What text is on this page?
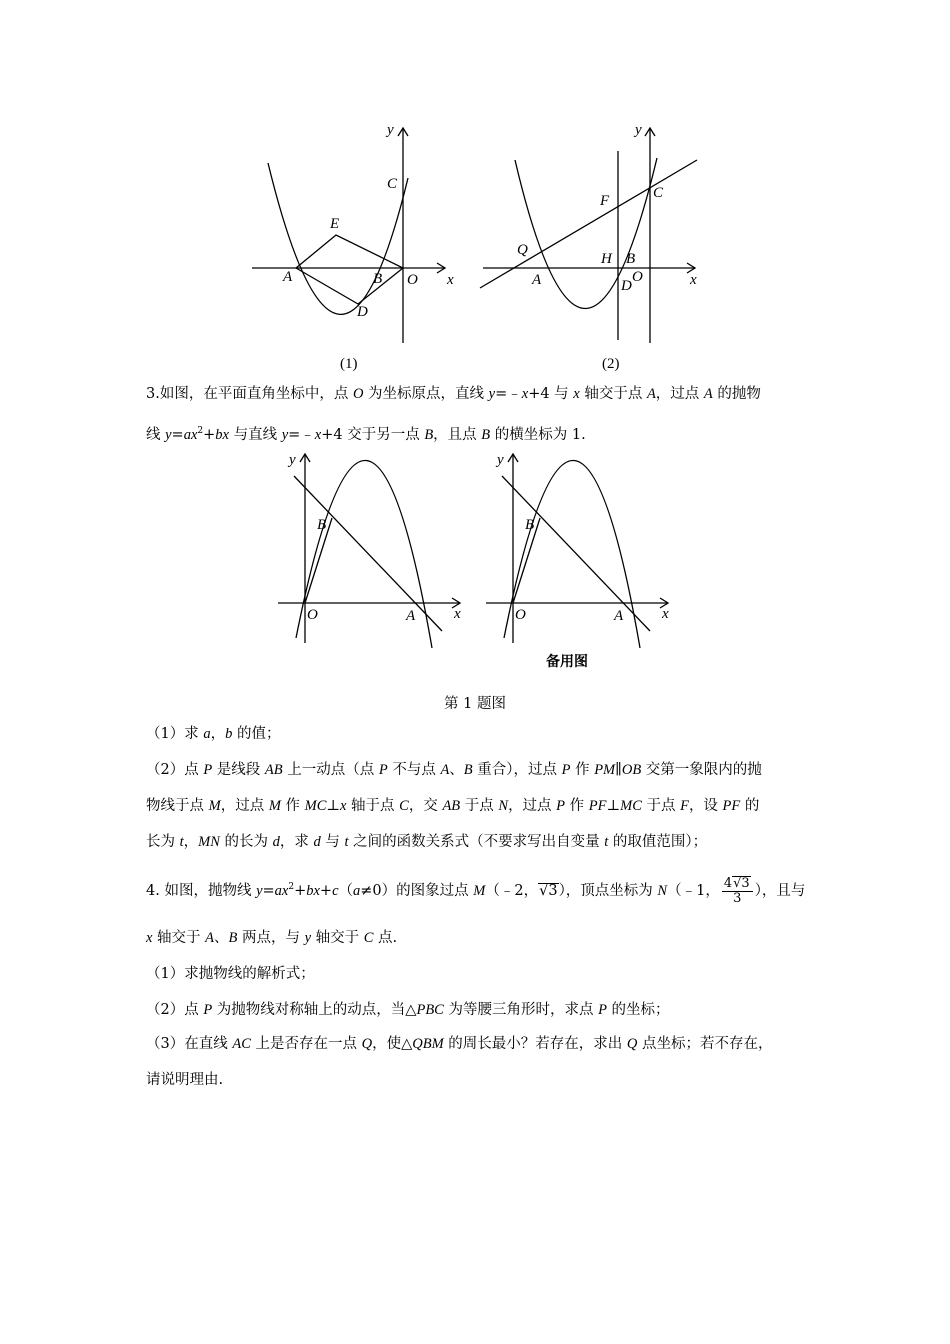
y
x
C
E
A	B O
D
(1)
y
x
F	C
Q
H B
A	D
O
(2)
3.如图，在平面直角坐标中，点 O 为坐标原点，直线 y=﹣x+4 与 x 轴交于点 A，过点 A 的抛物
线 $y=ax^2+bx$ 与直线 y=﹣x+4 交于另一点 B，且点 B 的横坐标为 1.
y
x
B
O	A
y
x
B
O	A
备用图
第 1 题图
（1）求 a，b 的值；
（2）点 P 是线段 AB 上一动点（点 P 不与点 A、B 重合），过点 P 作 PM∥OB 交第一象限内的抛
物线于点 M，过点 M 作 MC⊥x 轴于点 C，交 AB 于点 N，过点 P 作 PF⊥MC 于点 F，设 PF 的
长为 t，MN 的长为 d，求 d 与 t 之间的函数关系式（不要求写出自变量 t 的取值范围）；
4. 如图，抛物线 $y=ax^2+bx+c(a\ne 0)$的图象过点 M（﹣2， √ 3），顶点坐标为 N（﹣1， $\frac{4 √ 3}{3}$ ），且与
x 轴交于 A、B 两点，与 y 轴交于 C 点.
（1）求抛物线的解析式；
（2）点 P 为抛物线对称轴上的动点，当△PBC 为等腰三角形时，求点 P 的坐标；
（3）在直线 AC 上是否存在一点 Q，使△QBM 的周长最小？若存在，求出 Q 点坐标；若不存在，
请说明理由.
